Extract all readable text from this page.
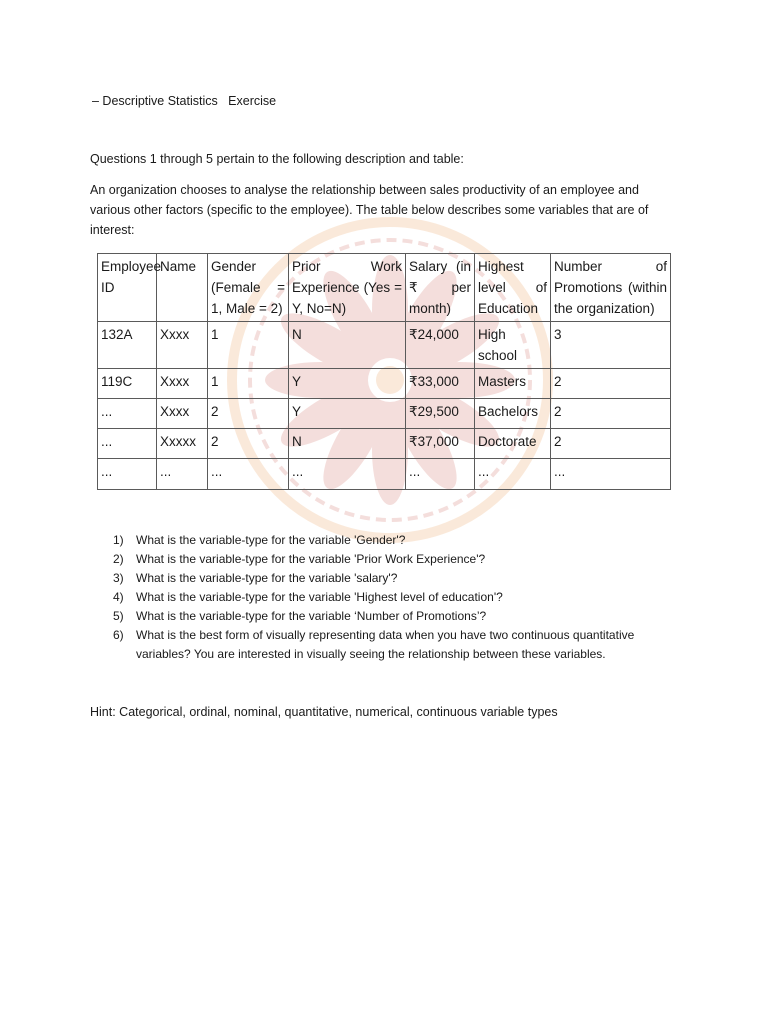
– Descriptive Statistics   Exercise
Questions 1 through 5 pertain to the following description and table:
An organization chooses to analyse the relationship between sales productivity of an employee and various other factors (specific to the employee). The table below describes some variables that are of interest:
Employee ID	Name	Gender (Female = 1, Male = 2)	Prior Work Experience (Yes = Y, No=N)	Salary (in ₹ per month)	Highest level of Education	Number of Promotions (within the organization)
132A	Xxxx	1	N	₹24,000	High school	3
119C	Xxxx	1	Y	₹33,000	Masters	2
...	Xxxx	2	Y	₹29,500	Bachelors	2
...	Xxxxx	2	N	₹37,000	Doctorate	2
...	...	...	...	...	...	...
1) What is the variable-type for the variable 'Gender'?
2) What is the variable-type for the variable 'Prior Work Experience'?
3) What is the variable-type for the variable 'salary'?
4) What is the variable-type for the variable 'Highest level of education'?
5) What is the variable-type for the variable ‘Number of Promotions’?
6) What is the best form of visually representing data when you have two continuous quantitative variables? You are interested in visually seeing the relationship between these variables.
Hint: Categorical, ordinal, nominal, quantitative, numerical, continuous variable types
